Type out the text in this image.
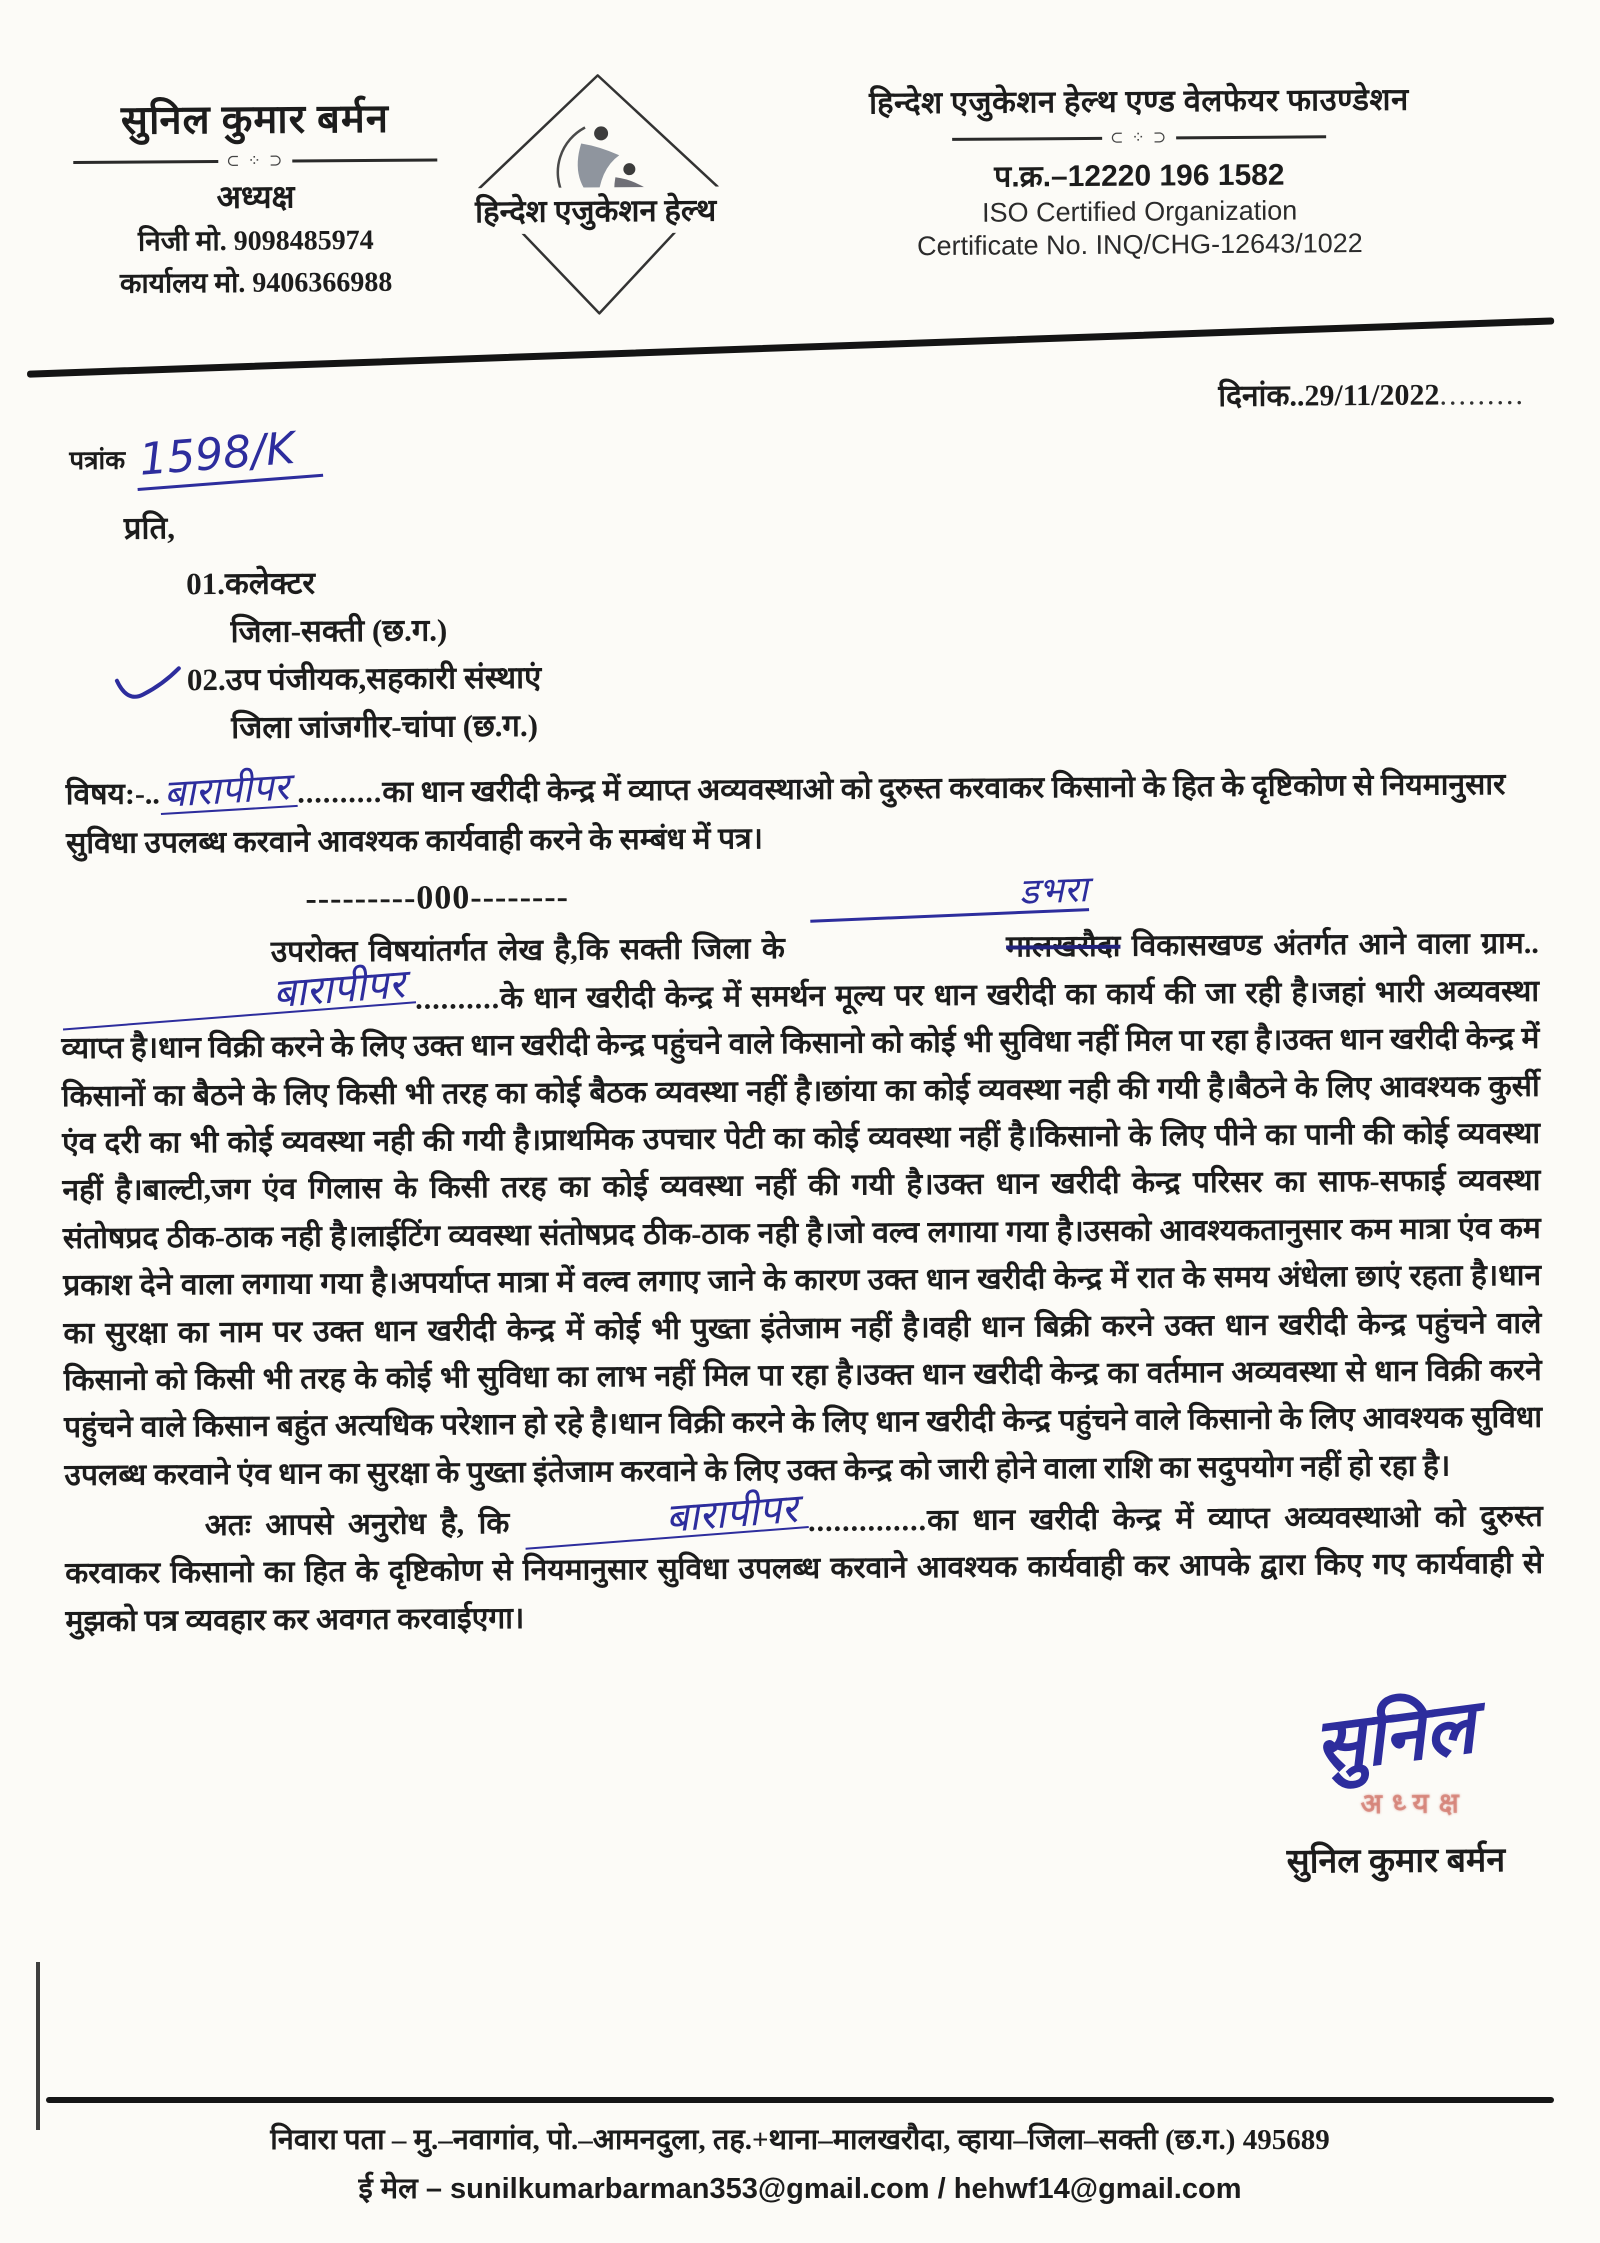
सुनिल कुमार बर्मन
⊂ ⁘ ⊃
अध्यक्ष
निजी मो. 9098485974
कार्यालय मो. 9406366988
हिन्देश एजुकेशन हेल्थ
हिन्देश एजुकेशन हेल्थ एण्ड वेलफेयर फाउण्डेशन
⊂ ⁘ ⊃
प.क्र.–12220 196 1582
ISO Certified Organization
Certificate No. INQ/CHG-12643/1022
दिनांक..29/11/2022.........
पत्रांक 1598/K
प्रति,
01.कलेक्टर
जिला-सक्ती (छ.ग.)
02.उप पंजीयक,सहकारी संस्थाएं
जिला जांजगीर-चांपा (छ.ग.)
विषय:-..बारापीपर ..........का धान खरीदी केन्द्र में व्याप्त अव्यवस्थाओ को दुरुस्त करवाकर किसानो के हित के दृष्टिकोण से नियमानुसार सुविधा उपलब्ध करवाने आवश्यक कार्यवाही करने के सम्बंध में पत्र।
---------000--------

उपरोक्त विषयांतर्गत लेख है,कि सक्ती जिला के
डभरा
मालखरौदा विकासखण्ड अंतर्गत आने वाला ग्राम..बारापीपर ..........के धान खरीदी केन्द्र में समर्थन मूल्य पर धान खरीदी का कार्य की जा रही है।जहां भारी अव्यवस्था व्याप्त है।धान विक्री करने के लिए उक्त धान खरीदी केन्द्र पहुंचने वाले किसानो को कोई भी सुविधा नहीं मिल पा रहा है।उक्त धान खरीदी केन्द्र में किसानों का बैठने के लिए किसी भी तरह का कोई बैठक व्यवस्था नहीं है।छांया का कोई व्यवस्था नही की गयी है।बैठने के लिए आवश्यक कुर्सी एंव दरी का भी कोई व्यवस्था नही की गयी है।प्राथमिक उपचार पेटी का कोई व्यवस्था नहीं है।किसानो के लिए पीने का पानी की कोई व्यवस्था नहीं है।बाल्टी,जग एंव गिलास के किसी तरह का कोई व्यवस्था नहीं की गयी है।उक्त धान खरीदी केन्द्र परिसर का साफ-सफाई व्यवस्था संतोषप्रद ठीक-ठाक नही है।लाईटिंग व्यवस्था संतोषप्रद ठीक-ठाक नही है।जो वल्व लगाया गया है।उसको आवश्यकतानुसार कम मात्रा एंव कम प्रकाश देने वाला लगाया गया है।अपर्याप्त मात्रा में वल्व लगाए जाने के कारण उक्त धान खरीदी केन्द्र में रात के समय अंधेला छाएं रहता है।धान का सुरक्षा का नाम पर उक्त धान खरीदी केन्द्र में कोई भी पुख्ता इंतेजाम नहीं है।वही धान बिक्री करने उक्त धान खरीदी केन्द्र पहुंचने वाले किसानो को किसी भी तरह के कोई भी सुविधा का लाभ नहीं मिल पा रहा है।उक्त धान खरीदी केन्द्र का वर्तमान अव्यवस्था से धान विक्री करने पहुंचने वाले किसान बहुंत अत्यधिक परेशान हो रहे है।धान विक्री करने के लिए धान खरीदी केन्द्र पहुंचने वाले किसानो के लिए आवश्यक सुविधा उपलब्ध करवाने एंव धान का सुरक्षा के पुख्ता इंतेजाम करवाने के लिए उक्त केन्द्र को जारी होने वाला राशि का सदुपयोग नहीं हो रहा है।

अतः आपसे अनुरोध है, कि	बारापीपर ..............का धान खरीदी केन्द्र में व्याप्त अव्यवस्थाओ को दुरुस्त करवाकर किसानो का हित के दृष्टिकोण से नियमानुसार सुविधा उपलब्ध करवाने आवश्यक कार्यवाही कर आपके द्वारा किए गए कार्यवाही से मुझको पत्र व्यवहार कर अवगत करवाईएगा।

सुनिल
अध्यक्ष
सुनिल कुमार बर्मन
निवारा पता – मु.–नवागांव, पो.–आमनदुला, तह.+थाना–मालखरौदा, व्हाया–जिला–सक्ती (छ.ग.) 495689
ई मेल – sunilkumarbarman353@gmail.com / hehwf14@gmail.com
